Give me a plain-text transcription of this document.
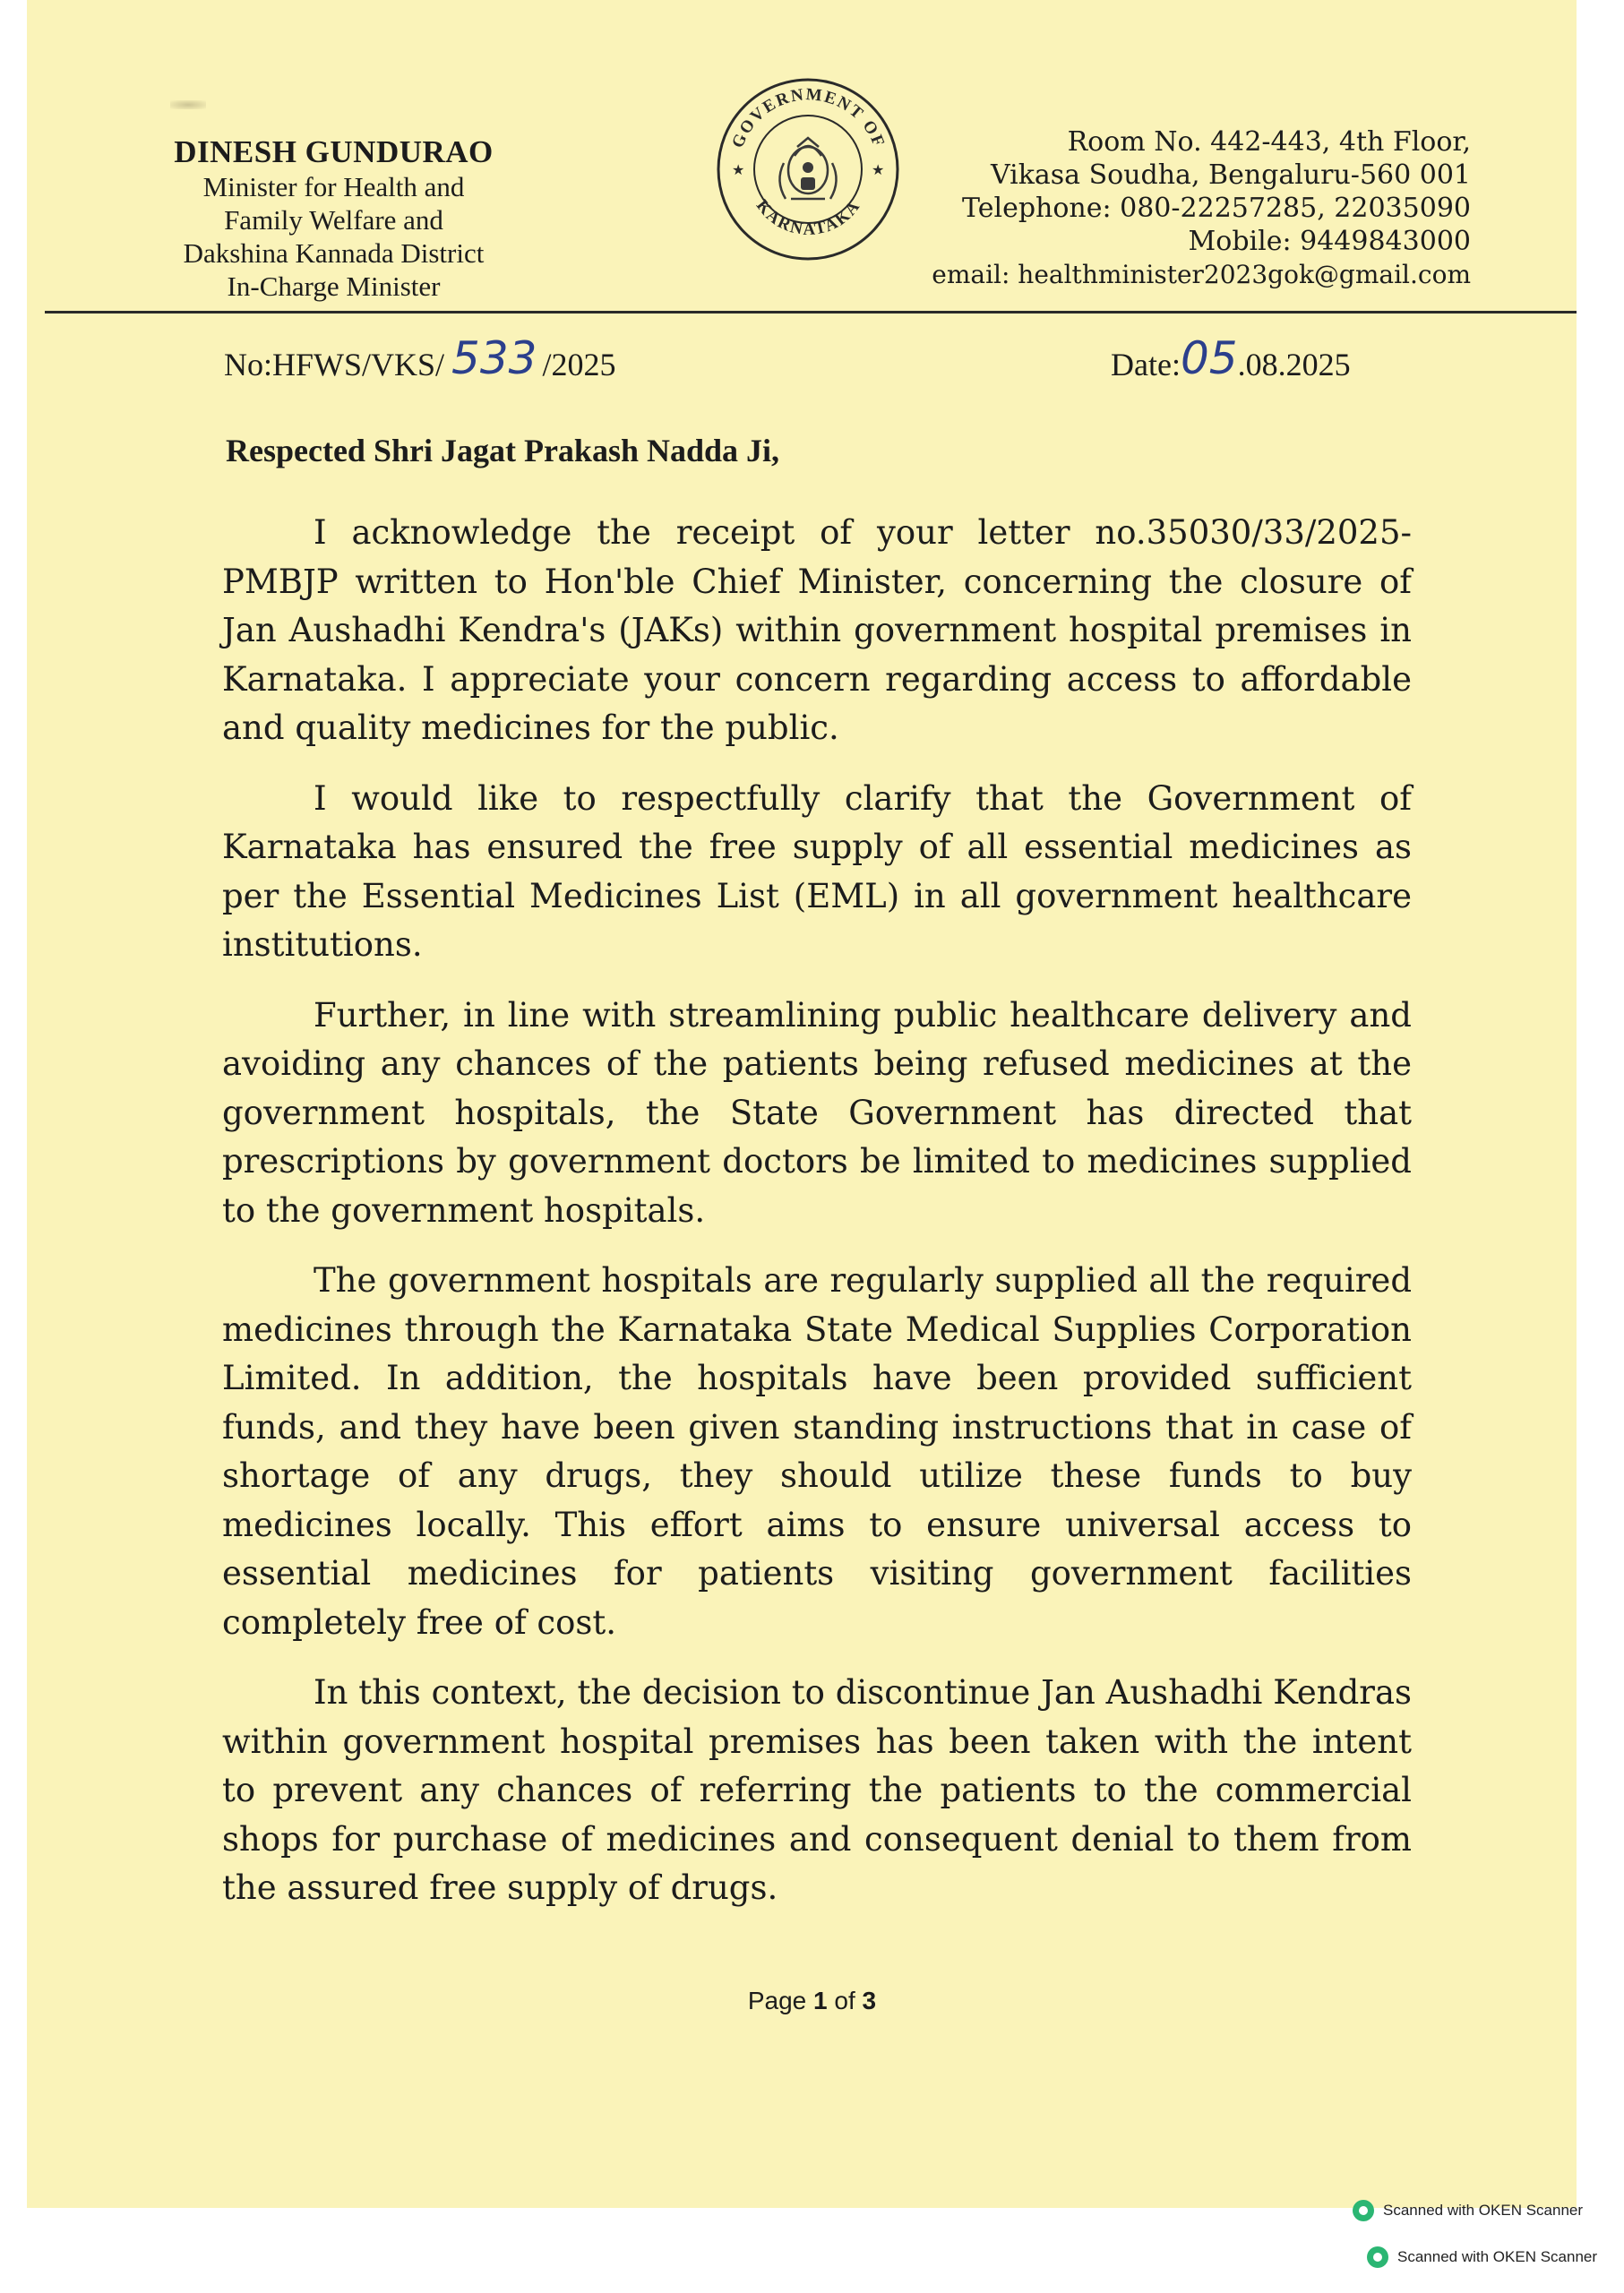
DINESH GUNDURAO
Minister for Health and
Family Welfare and
Dakshina Kannada District
In-Charge Minister
GOVERNMENT OF
KARNATAKA
★	★
Room No. 442-443, 4th Floor,
Vikasa Soudha, Bengaluru-560 001
Telephone: 080-22257285, 22035090
Mobile: 9449843000
email: healthminister2023gok@gmail.com
No:HFWS/VKS/ 533 /2025	Date:05.08.2025
Respected Shri Jagat Prakash Nadda Ji,

I acknowledge the receipt of your letter no.35030/33/2025-PMBJP written to Hon'ble Chief Minister, concerning the closure of Jan Aushadhi Kendra's (JAKs) within government hospital premises in Karnataka. I appreciate your concern regarding access to affordable and quality medicines for the public.

I would like to respectfully clarify that the Government of Karnataka has ensured the free supply of all essential medicines as per the Essential Medicines List (EML) in all government healthcare institutions.

Further, in line with streamlining public healthcare delivery and avoiding any chances of the patients being refused medicines at the government hospitals, the State Government has directed that prescriptions by government doctors be limited to medicines supplied to the government hospitals.

The government hospitals are regularly supplied all the required medicines through the Karnataka State Medical Supplies Corporation Limited. In addition, the hospitals have been provided sufficient funds, and they have been given standing instructions that in case of shortage of any drugs, they should utilize these funds to buy medicines locally. This effort aims to ensure universal access to essential medicines for patients visiting government facilities completely free of cost.

In this context, the decision to discontinue Jan Aushadhi Kendras within government hospital premises has been taken with the intent to prevent any chances of referring the patients to the commercial shops for purchase of medicines and consequent denial to them from the assured free supply of drugs.

Page 1 of 3
Scanned with OKEN Scanner
Scanned with OKEN Scanner
